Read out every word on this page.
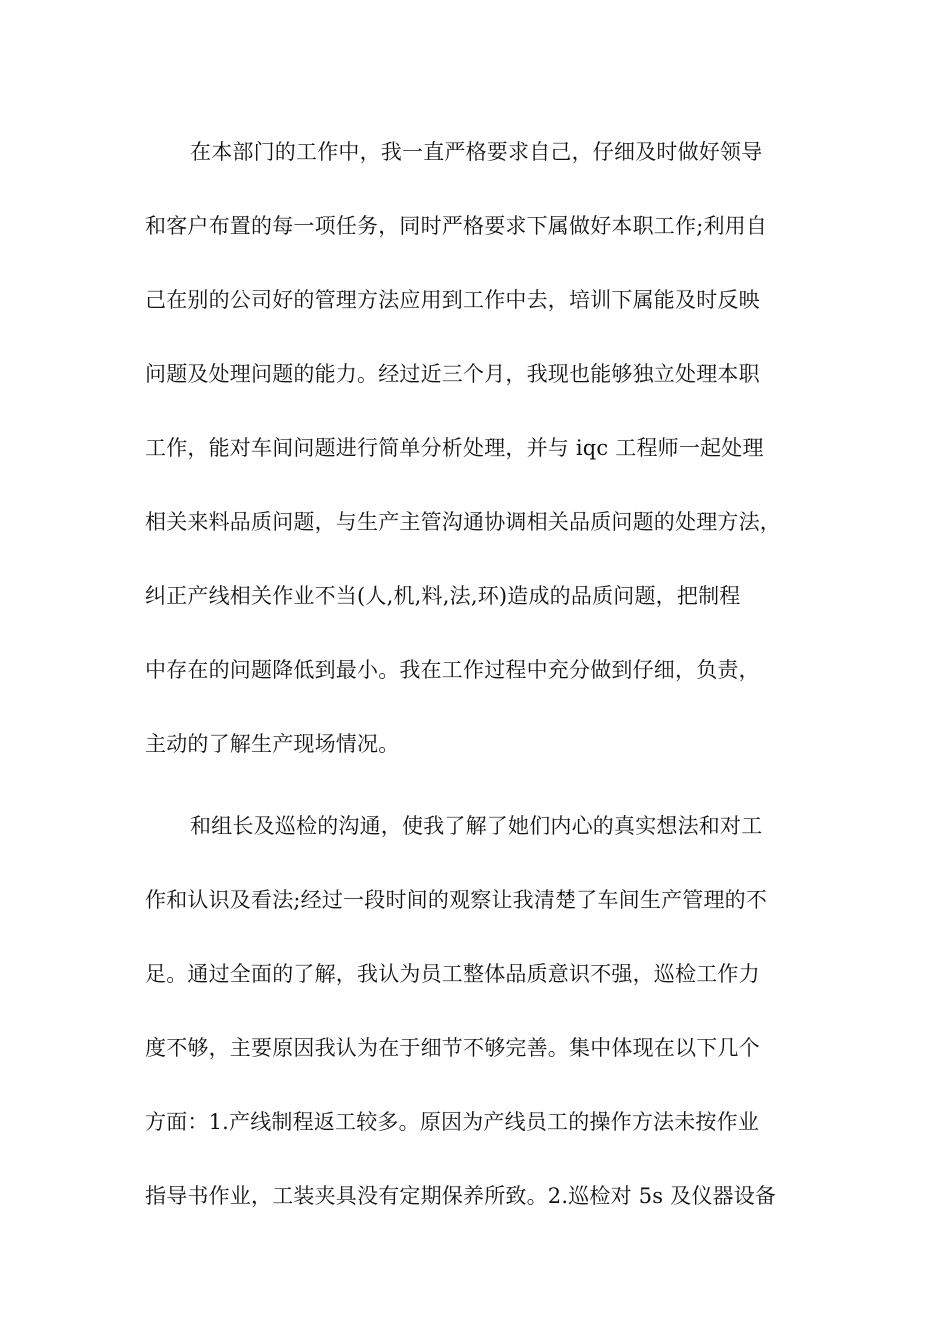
在本部门的工作中，我一直严格要求自己，仔细及时做好领导
和客户布置的每一项任务，同时严格要求下属做好本职工作;利用自
己在别的公司好的管理方法应用到工作中去，培训下属能及时反映
问题及处理问题的能力。经过近三个月，我现也能够独立处理本职
工作，能对车间问题进行简单分析处理，并与 iqc 工程师一起处理
相关来料品质问题，与生产主管沟通协调相关品质问题的处理方法，
纠正产线相关作业不当(人,机,料,法,环)造成的品质问题，把制程
中存在的问题降低到最小。我在工作过程中充分做到仔细，负责，
主动的了解生产现场情况。
和组长及巡检的沟通，使我了解了她们内心的真实想法和对工
作和认识及看法;经过一段时间的观察让我清楚了车间生产管理的不
足。通过全面的了解，我认为员工整体品质意识不强，巡检工作力
度不够，主要原因我认为在于细节不够完善。集中体现在以下几个
方面：1.产线制程返工较多。原因为产线员工的操作方法未按作业
指导书作业，工装夹具没有定期保养所致。2.巡检对 5s 及仪器设备
